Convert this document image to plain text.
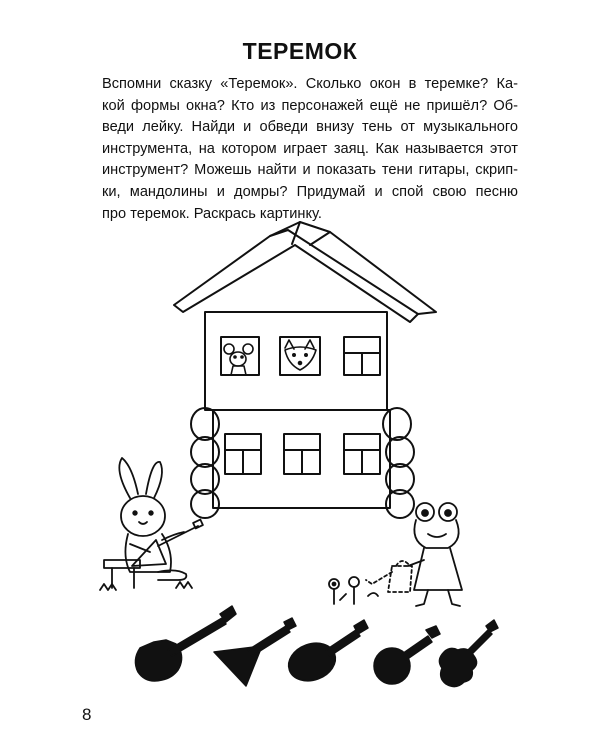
ТЕРЕМОК
Вспомни сказку «Теремок». Сколько окон в теремке? Ка-
кой формы окна? Кто из персонажей ещё не пришёл? Об-
веди лейку. Найди и обведи внизу тень от музыкального
инструмента, на котором играет заяц. Как называется этот
инструмент? Можешь найти и показать тени гитары, скрип-
ки, мандолины и домры? Придумай и спой свою песню
про теремок. Раскрась картинку.
8
